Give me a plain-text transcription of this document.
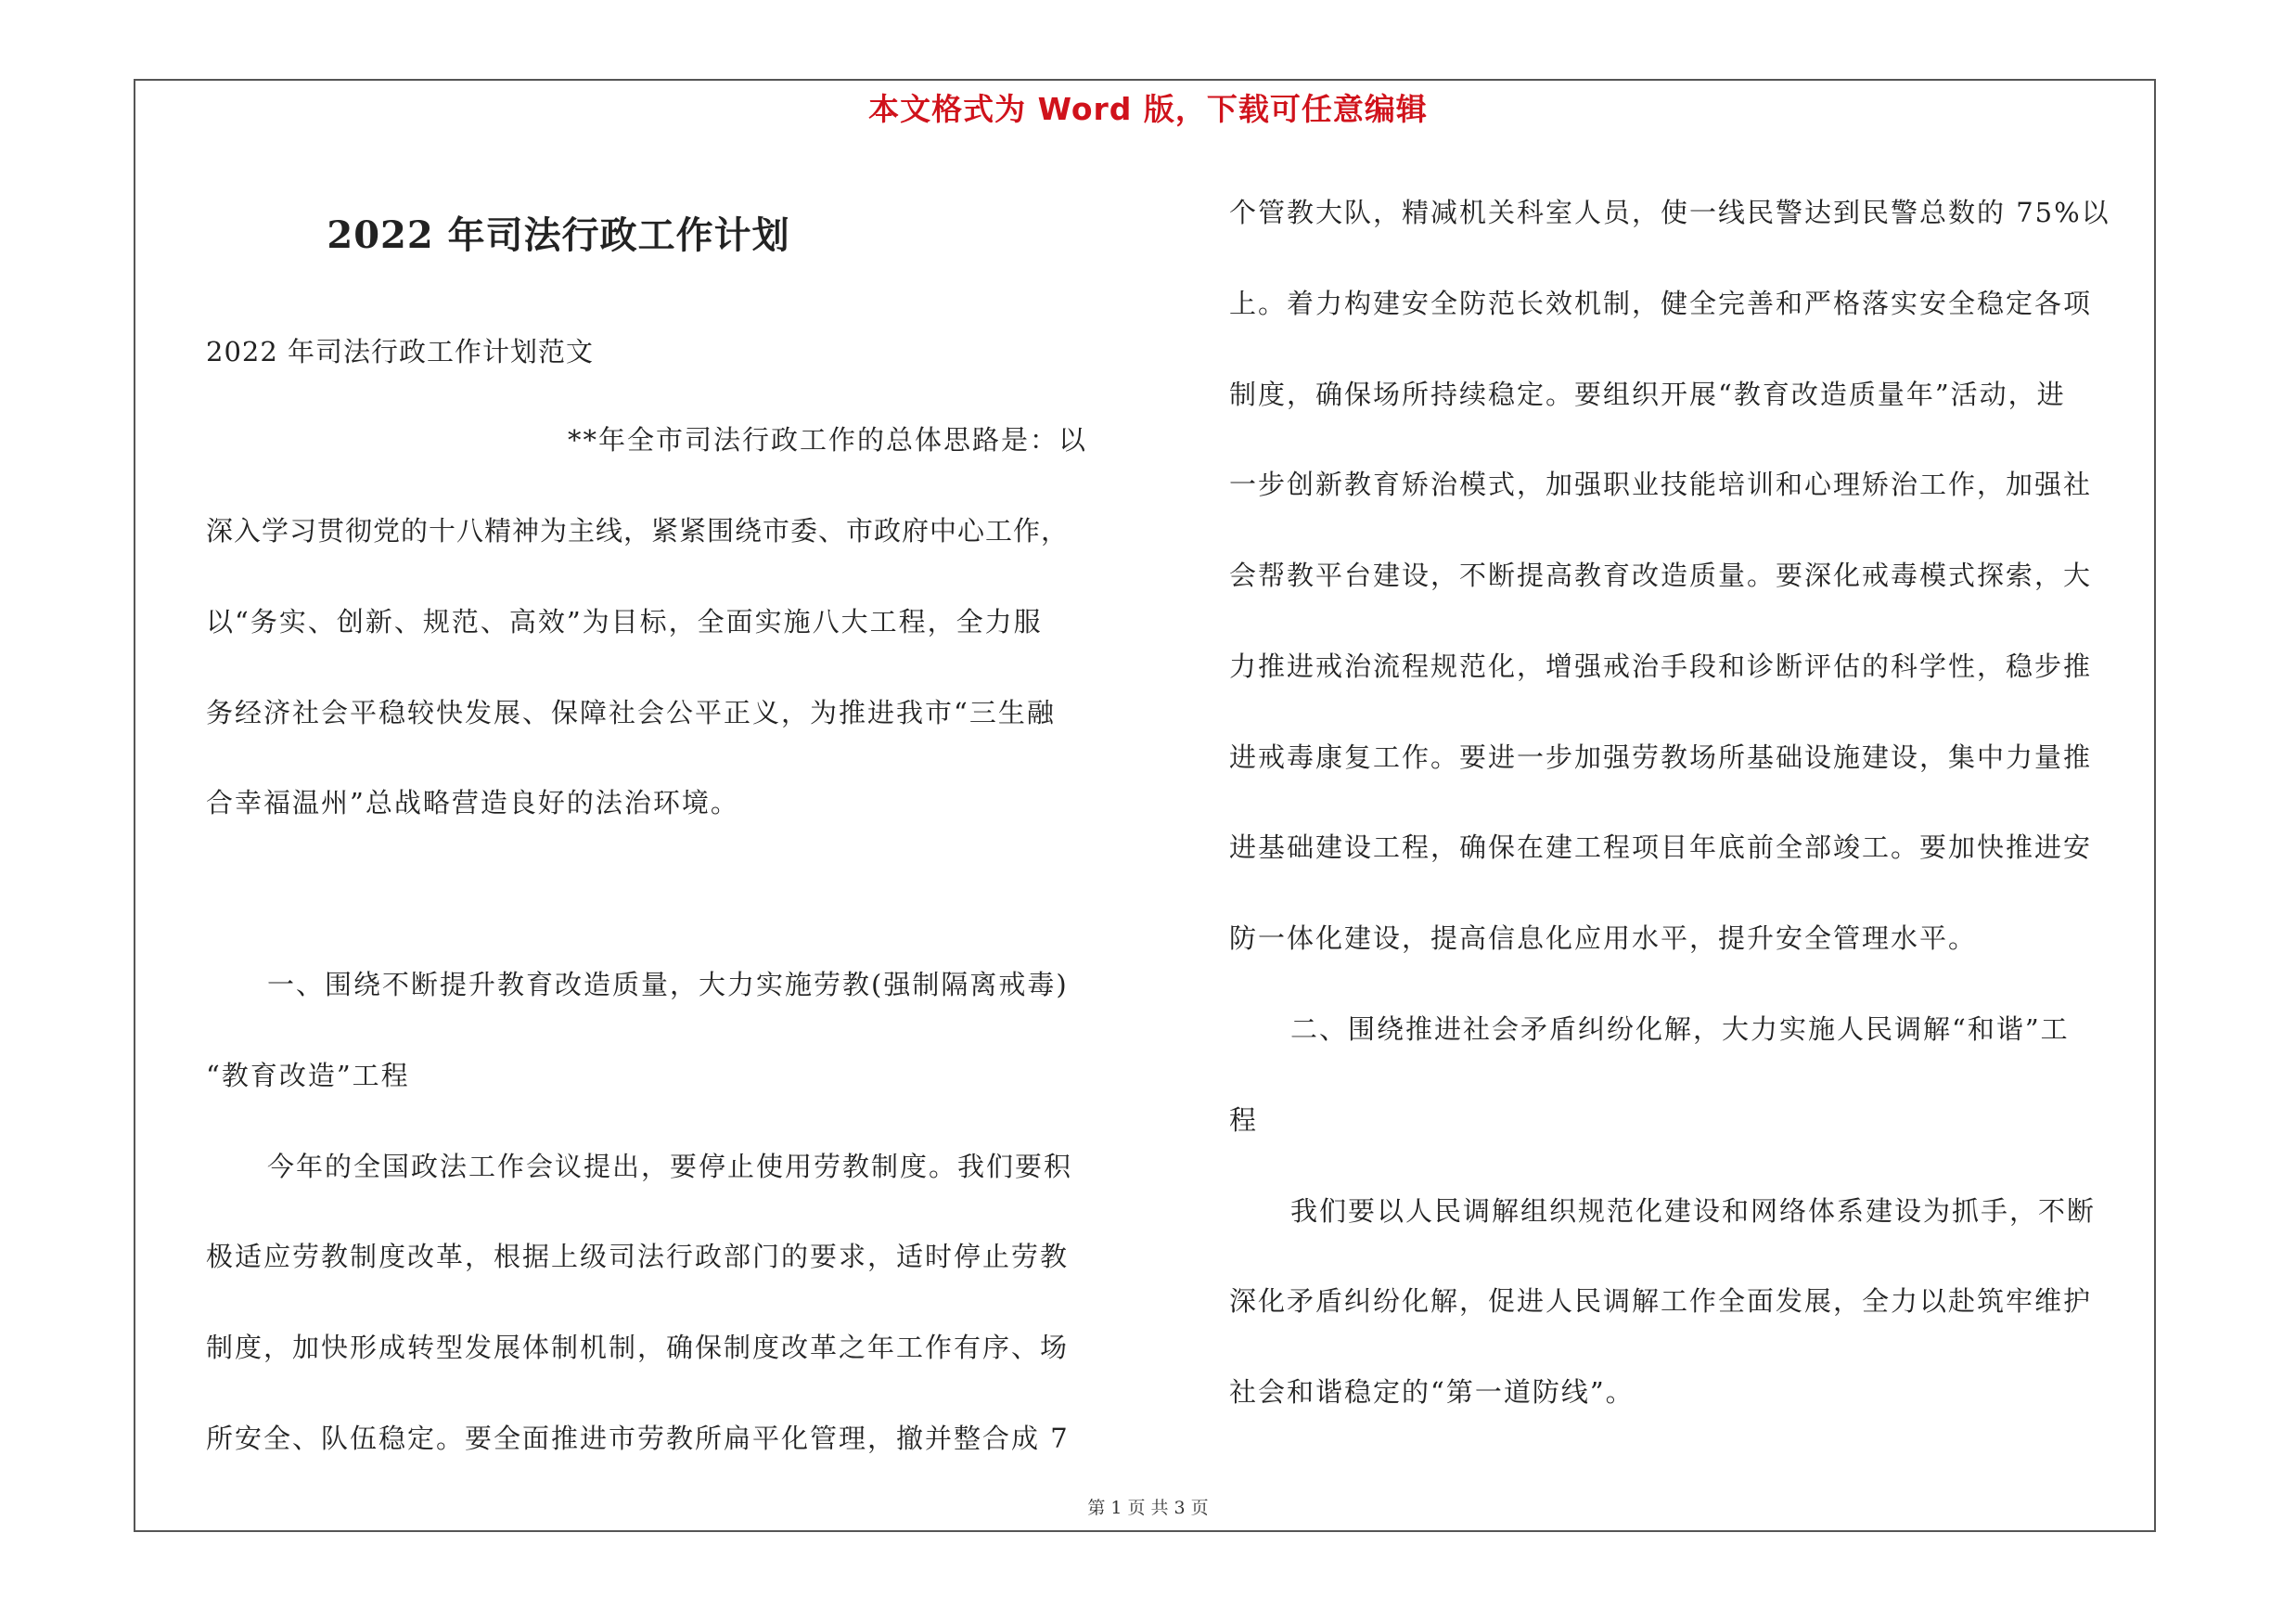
本文格式为 Word 版，下载可任意编辑
2022 年司法行政工作计划
2022 年司法行政工作计划范文
**年全市司法行政工作的总体思路是：以
深入学习贯彻党的十八精神为主线，紧紧围绕市委、市政府中心工作，
以“务实、创新、规范、高效”为目标，全面实施八大工程，全力服
务经济社会平稳较快发展、保障社会公平正义，为推进我市“三生融
合幸福温州”总战略营造良好的法治环境。
一、围绕不断提升教育改造质量，大力实施劳教(强制隔离戒毒)
“教育改造”工程
今年的全国政法工作会议提出，要停止使用劳教制度。我们要积
极适应劳教制度改革，根据上级司法行政部门的要求，适时停止劳教
制度，加快形成转型发展体制机制，确保制度改革之年工作有序、场
所安全、队伍稳定。要全面推进市劳教所扁平化管理，撤并整合成 7
个管教大队，精减机关科室人员，使一线民警达到民警总数的 75%以
上。着力构建安全防范长效机制，健全完善和严格落实安全稳定各项
制度，确保场所持续稳定。要组织开展“教育改造质量年”活动，进
一步创新教育矫治模式，加强职业技能培训和心理矫治工作，加强社
会帮教平台建设，不断提高教育改造质量。要深化戒毒模式探索，大
力推进戒治流程规范化，增强戒治手段和诊断评估的科学性，稳步推
进戒毒康复工作。要进一步加强劳教场所基础设施建设，集中力量推
进基础建设工程，确保在建工程项目年底前全部竣工。要加快推进安
防一体化建设，提高信息化应用水平，提升安全管理水平。
二、围绕推进社会矛盾纠纷化解，大力实施人民调解“和谐”工
程
我们要以人民调解组织规范化建设和网络体系建设为抓手，不断
深化矛盾纠纷化解，促进人民调解工作全面发展，全力以赴筑牢维护
社会和谐稳定的“第一道防线”。
第 1 页 共 3 页
